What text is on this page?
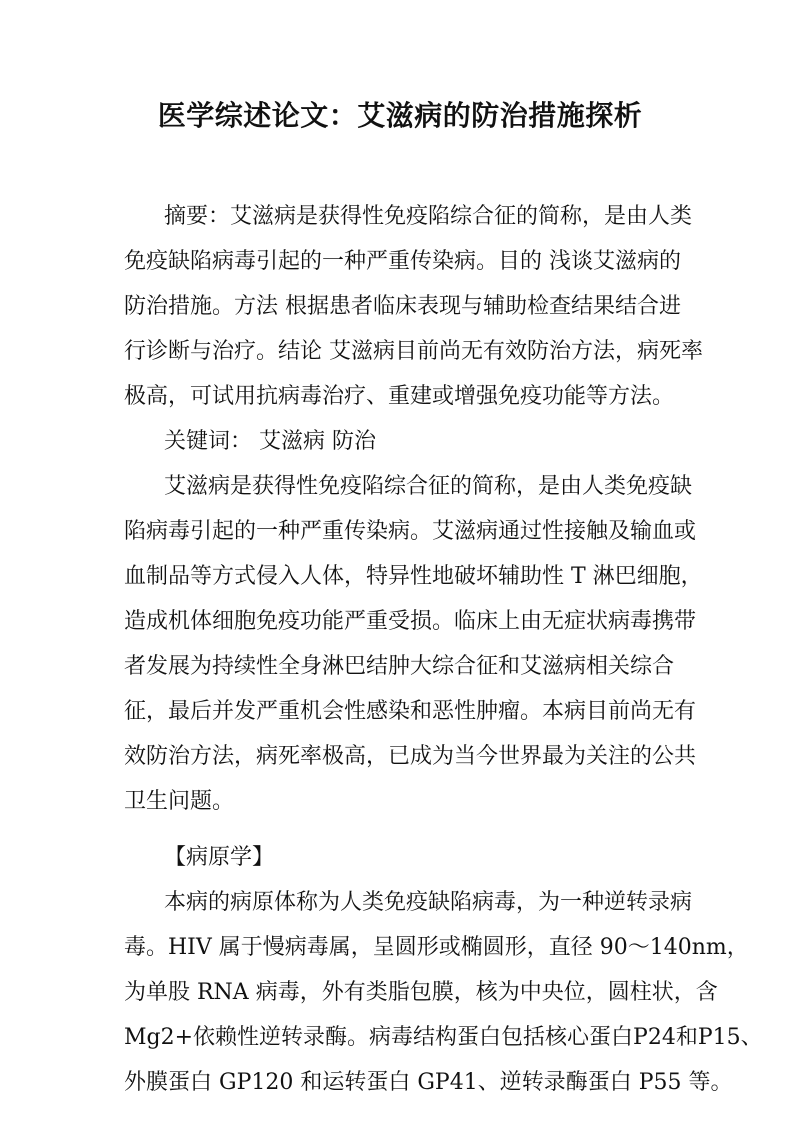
医学综述论文：艾滋病的防治措施探析
摘要：艾滋病是获得性免疫陷综合征的简称，是由人类
免疫缺陷病毒引起的一种严重传染病。目的 浅谈艾滋病的
防治措施。方法 根据患者临床表现与辅助检查结果结合进
行诊断与治疗。结论 艾滋病目前尚无有效防治方法，病死率
极高，可试用抗病毒治疗、重建或增强免疫功能等方法。
关键词： 艾滋病 防治
艾滋病是获得性免疫陷综合征的简称，是由人类免疫缺
陷病毒引起的一种严重传染病。艾滋病通过性接触及输血或
血制品等方式侵入人体，特异性地破坏辅助性 T 淋巴细胞，
造成机体细胞免疫功能严重受损。临床上由无症状病毒携带
者发展为持续性全身淋巴结肿大综合征和艾滋病相关综合
征，最后并发严重机会性感染和恶性肿瘤。本病目前尚无有
效防治方法，病死率极高，已成为当今世界最为关注的公共
卫生问题。
【病原学】
本病的病原体称为人类免疫缺陷病毒，为一种逆转录病
毒。HIV 属于慢病毒属，呈圆形或椭圆形，直径 90～140nm，
为单股 RNA 病毒，外有类脂包膜，核为中央位，圆柱状，含
Mg2+依赖性逆转录酶。病毒结构蛋白包括核心蛋白P24和P15、
外膜蛋白 GP120 和运转蛋白 GP41、逆转录酶蛋白 P55 等。
